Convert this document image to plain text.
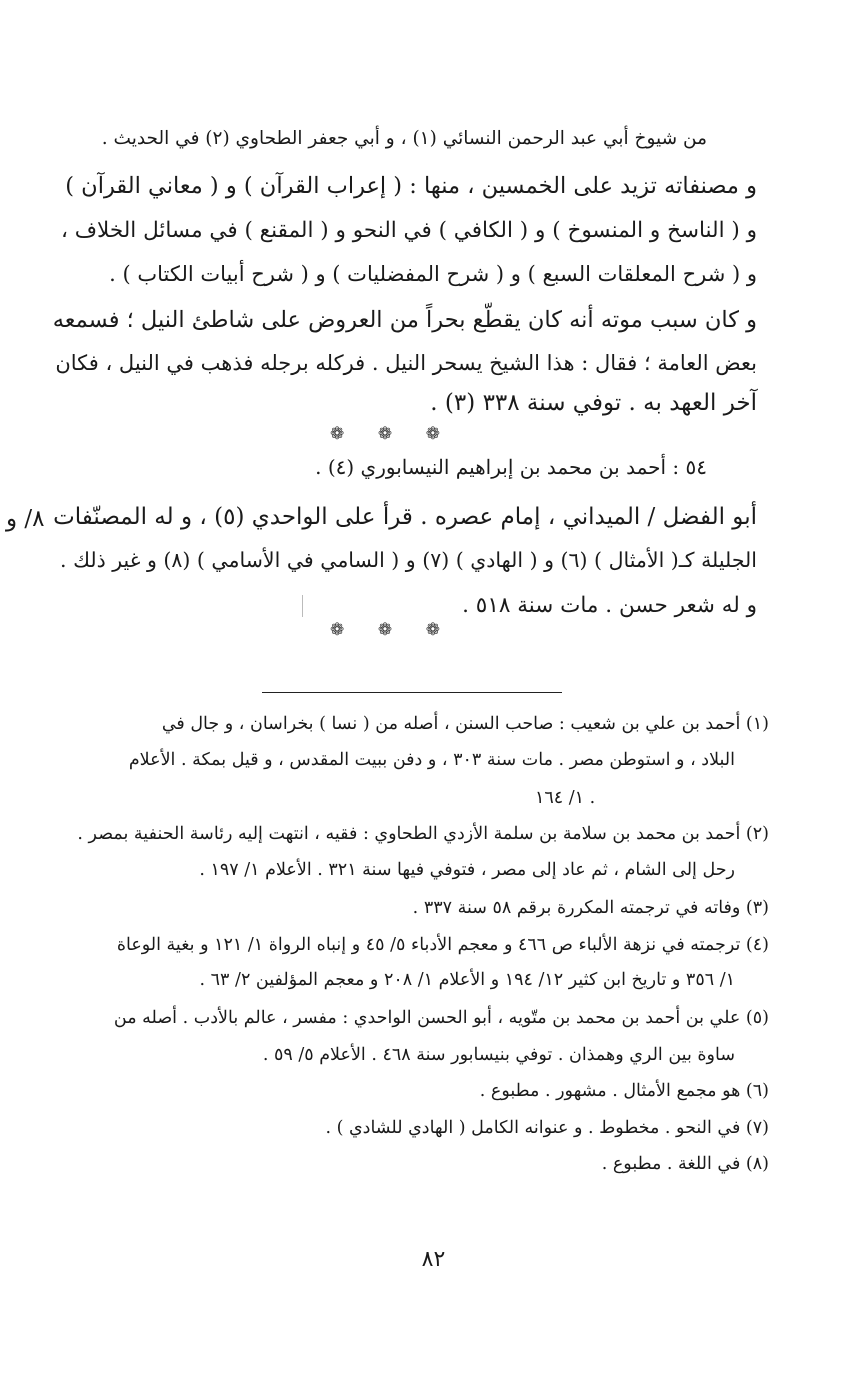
من شيوخ أبي عبد الرحمن النسائي (١) ، و أبي جعفر الطحاوي (٢) في الحديث .
و مصنفاته تزيد على الخمسين ، منها : ( إعراب القرآن ) و ( معاني القرآن )
و ( الناسخ و المنسوخ ) و ( الكافي ) في النحو و ( المقنع ) في مسائل الخلاف ،
و ( شرح المعلقات السبع ) و ( شرح المفضليات ) و ( شرح أبيات الكتاب ) .
و كان سبب موته أنه كان يقطّع بحراً من العروض على شاطئ النيل ؛ فسمعه
بعض العامة ؛ فقال : هذا الشيخ يسحر النيل . فركله برجله فذهب في النيل ، فكان
آخر العهد به . توفي سنة ٣٣٨ (٣) .
❁
❁
❁
٥٤ : أحمد بن محمد بن إبراهيم النيسابوري (٤) .
أبو الفضل / الميداني ، إمام عصره . قرأ على الواحدي (٥) ، و له المصنّفات
٨/ و
الجليلة كـ( الأمثال ) (٦) و ( الهادي ) (٧) و ( السامي في الأسامي ) (٨) و غير ذلك .
و له شعر حسن . مات سنة ٥١٨ .
❁
❁
❁
(١) أحمد بن علي بن شعيب : صاحب السنن ، أصله من ( نسا ) بخراسان ، و جال في
البلاد ، و استوطن مصر . مات سنة ٣٠٣ ، و دفن ببيت المقدس ، و قيل بمكة . الأعلام
١/ ١٦٤ .
(٢) أحمد بن محمد بن سلامة بن سلمة الأزدي الطحاوي : فقيه ، انتهت إليه رئاسة الحنفية بمصر .
رحل إلى الشام ، ثم عاد إلى مصر ، فتوفي فيها سنة ٣٢١ . الأعلام ١/ ١٩٧ .
(٣) وفاته في ترجمته المكررة برقم ٥٨ سنة ٣٣٧ .
(٤) ترجمته في نزهة الألباء ص ٤٦٦ و معجم الأدباء ٥/ ٤٥ و إنباه الرواة ١/ ١٢١ و بغية الوعاة
١/ ٣٥٦ و تاريخ ابن كثير ١٢/ ١٩٤ و الأعلام ١/ ٢٠٨ و معجم المؤلفين ٢/ ٦٣ .
(٥) علي بن أحمد بن محمد بن متّويه ، أبو الحسن الواحدي : مفسر ، عالم بالأدب . أصله من
ساوة بين الري وهمذان . توفي بنيسابور سنة ٤٦٨ . الأعلام ٥/ ٥٩ .
(٦) هو مجمع الأمثال . مشهور . مطبوع .
(٧) في النحو . مخطوط . و عنوانه الكامل ( الهادي للشادي ) .
(٨) في اللغة . مطبوع .
٨٢
